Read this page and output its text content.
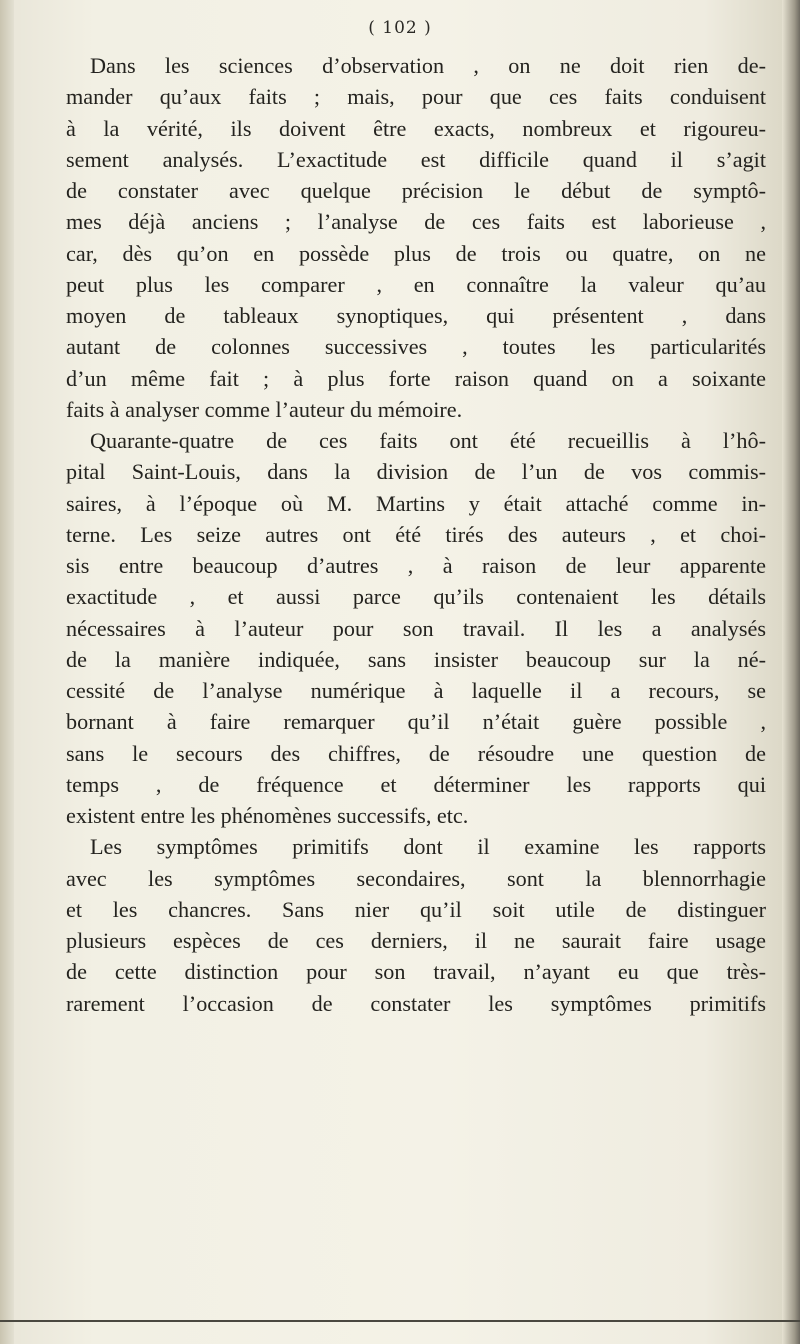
( 102 )
Dans les sciences d’observation , on ne doit rien de-
mander qu’aux faits ; mais, pour que ces faits conduisent
à la vérité, ils doivent être exacts, nombreux et rigoureu-
sement analysés. L’exactitude est difficile quand il s’agit
de constater avec quelque précision le début de symptô-
mes déjà anciens ; l’analyse de ces faits est laborieuse ,
car, dès qu’on en possède plus de trois ou quatre, on ne
peut plus les comparer , en connaître la valeur qu’au
moyen de tableaux synoptiques, qui présentent , dans
autant de colonnes successives , toutes les particularités
d’un même fait ; à plus forte raison quand on a soixante
faits à analyser comme l’auteur du mémoire.
Quarante-quatre de ces faits ont été recueillis à l’hô-
pital Saint-Louis, dans la division de l’un de vos commis-
saires, à l’époque où M. Martins y était attaché comme in-
terne. Les seize autres ont été tirés des auteurs , et choi-
sis entre beaucoup d’autres , à raison de leur apparente
exactitude , et aussi parce qu’ils contenaient les détails
nécessaires à l’auteur pour son travail. Il les a analysés
de la manière indiquée, sans insister beaucoup sur la né-
cessité de l’analyse numérique à laquelle il a recours, se
bornant à faire remarquer qu’il n’était guère possible ,
sans le secours des chiffres, de résoudre une question de
temps , de fréquence et déterminer les rapports qui
existent entre les phénomènes successifs, etc.
Les symptômes primitifs dont il examine les rapports
avec les symptômes secondaires, sont la blennorrhagie
et les chancres. Sans nier qu’il soit utile de distinguer
plusieurs espèces de ces derniers, il ne saurait faire usage
de cette distinction pour son travail, n’ayant eu que très-
rarement l’occasion de constater les symptômes primitifs
